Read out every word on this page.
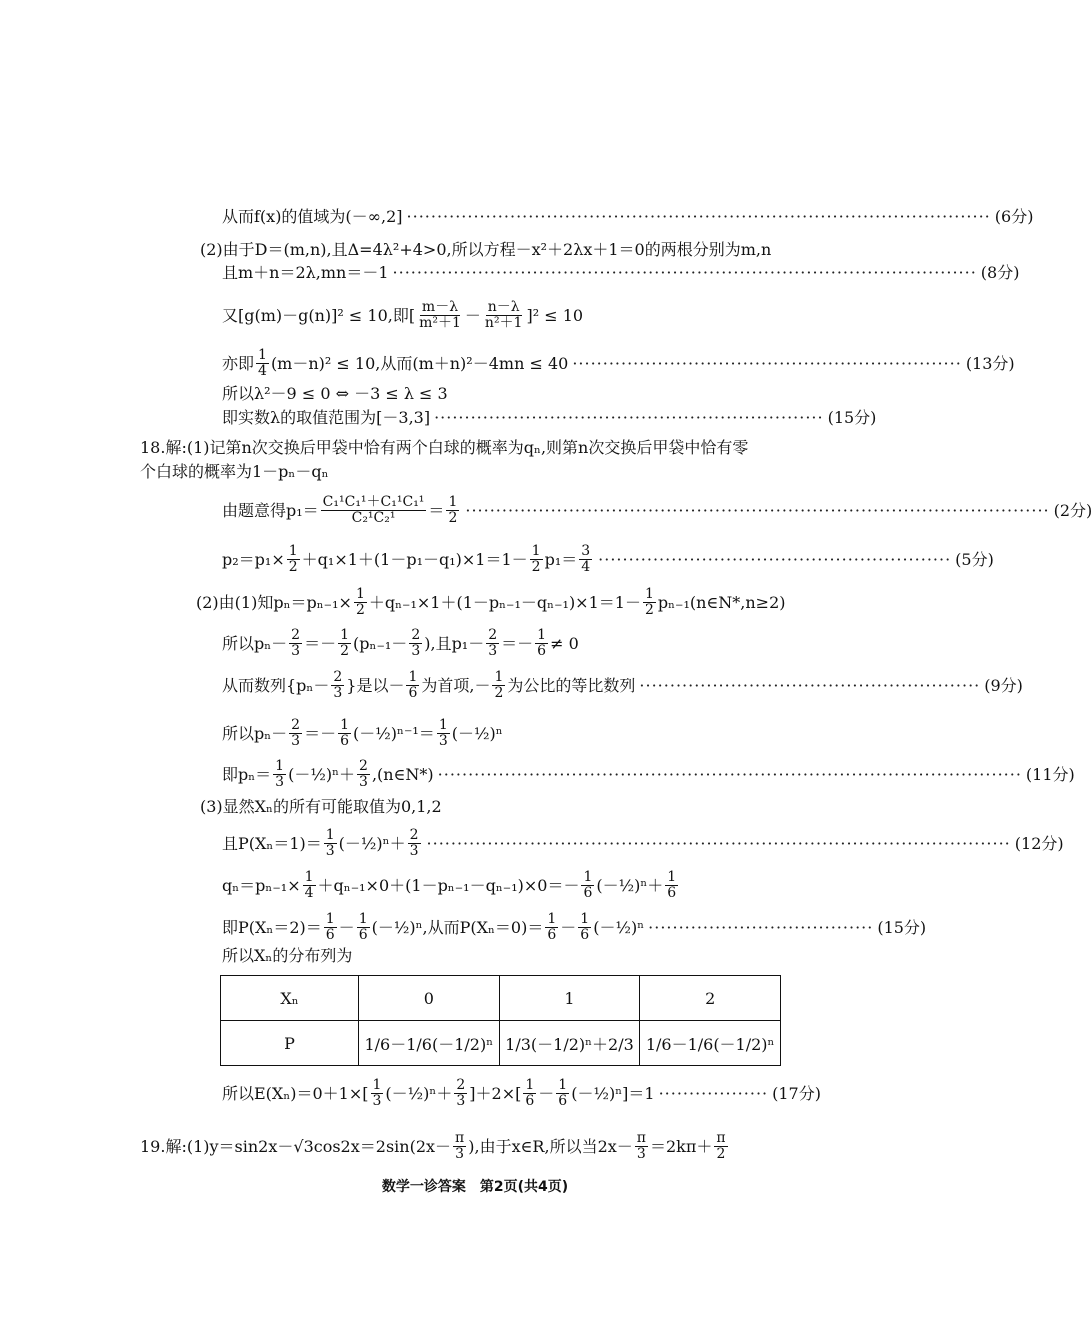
从而f(x)的值域为(－∞,2] ································································································ (6分)
(2)由于D＝(m,n),且Δ=4λ²+4>0,所以方程－x²＋2λx＋1＝0的两根分别为m,n
且m＋n＝2λ,mn＝－1 ································································································ (8分)
又[g(m)－g(n)]² ≤ 10,即[ $\frac{m-\lambda}{\text{m²＋1}} - \frac{n-\lambda}{\text{n²＋1}} ]^2 \le 10$
亦即 $\frac{1}{4} (m-n)^2 \le 10$,从而(m＋n)²－4mn ≤ 40 ································································ (13分)
所以λ²－9 ≤ 0 ⇔ －3 ≤ λ ≤ 3
即实数λ的取值范围为[－3,3] ································································ (15分)
18.解:(1)记第n次交换后甲袋中恰有两个白球的概率为qₙ,则第n次交换后甲袋中恰有零
个白球的概率为1－pₙ－qₙ
由题意得$p_1= \frac{\text{C₁¹C₁¹＋C₁¹C₁¹}}{\text{C₂¹C₂¹}} = \frac{1}{2}$ ································································································ (2分)
$p_2=p_1\times \frac{1}{2} +q_1\times 1+(1-p_1-q_1)\times 1=1- \frac{1}{2} p_1= \frac{3}{4}$ ·························································· (5分)
(2)由(1)知$p_n=p_{n-1}\times \frac{1}{2} +q_{n-1}\times 1+(1-p_{n-1}-q_{n-1})\times 1=1- \frac{1}{2}$ pₙ₋₁(n∈N*,n≥2)
所以$p_n- \frac{2}{3} =- \frac{1}{2} (p_{n-1}- \frac{2}{3}$ ),且$p_1- \frac{2}{3} =- \frac{1}{6} \ne 0$
从而数列{$p_n- \frac{2}{3}$ }是以－ $\frac{1}{6}$ 为首项,－ $\frac{1}{2}$ 为公比的等比数列 ························································ (9分)
所以$p_n- \frac{2}{3} =- \frac{1}{6}$ (－½)ⁿ⁻¹＝ $\frac{1}{3}$ (－½)ⁿ
即$p_n= \frac{1}{3}$ (－½)ⁿ＋ $\frac{2}{3}$ ,(n∈N*) ································································································ (11分)
(3)显然Xₙ的所有可能取值为0,1,2
且$P(X_n=1)= \frac{1}{3}$ (－½)ⁿ＋ $\frac{2}{3}$ ································································································ (12分)
$q_n=p_{n-1}\times \frac{1}{4} +q_{n-1}\times 0+(1-p_{n-1}-q_{n-1})\times 0=- \frac{1}{6}$ (－½)ⁿ＋ $\frac{1}{6}$
即$P(X_n=2)= \frac{1}{6} - \frac{1}{6}$ (－½)ⁿ,从而$P(X_n=0)= \frac{1}{6} - \frac{1}{6}$ (－½)ⁿ ····································· (15分)
所以Xₙ的分布列为
Xₙ	0	1	2
P	1/6－1/6(－1/2)ⁿ	1/3(－1/2)ⁿ＋2/3	1/6－1/6(－1/2)ⁿ
所以$E(X_n)=0+1\times[ \frac{1}{3}$ (－½)ⁿ＋ $\frac{2}{3} ]+2\times[ \frac{1}{6} - \frac{1}{6}$ (－½)ⁿ ]＝1 ·················· (17分)
19.解:(1)y＝sin2x－√3cos2x＝2sin(2x－ $\frac{\pi}{3}$ ),由于x∈R,所以当$2x- \frac{\pi}{3} =2k\pi+ \frac{\pi}{2}$
数学一诊答案　第2页(共4页)
